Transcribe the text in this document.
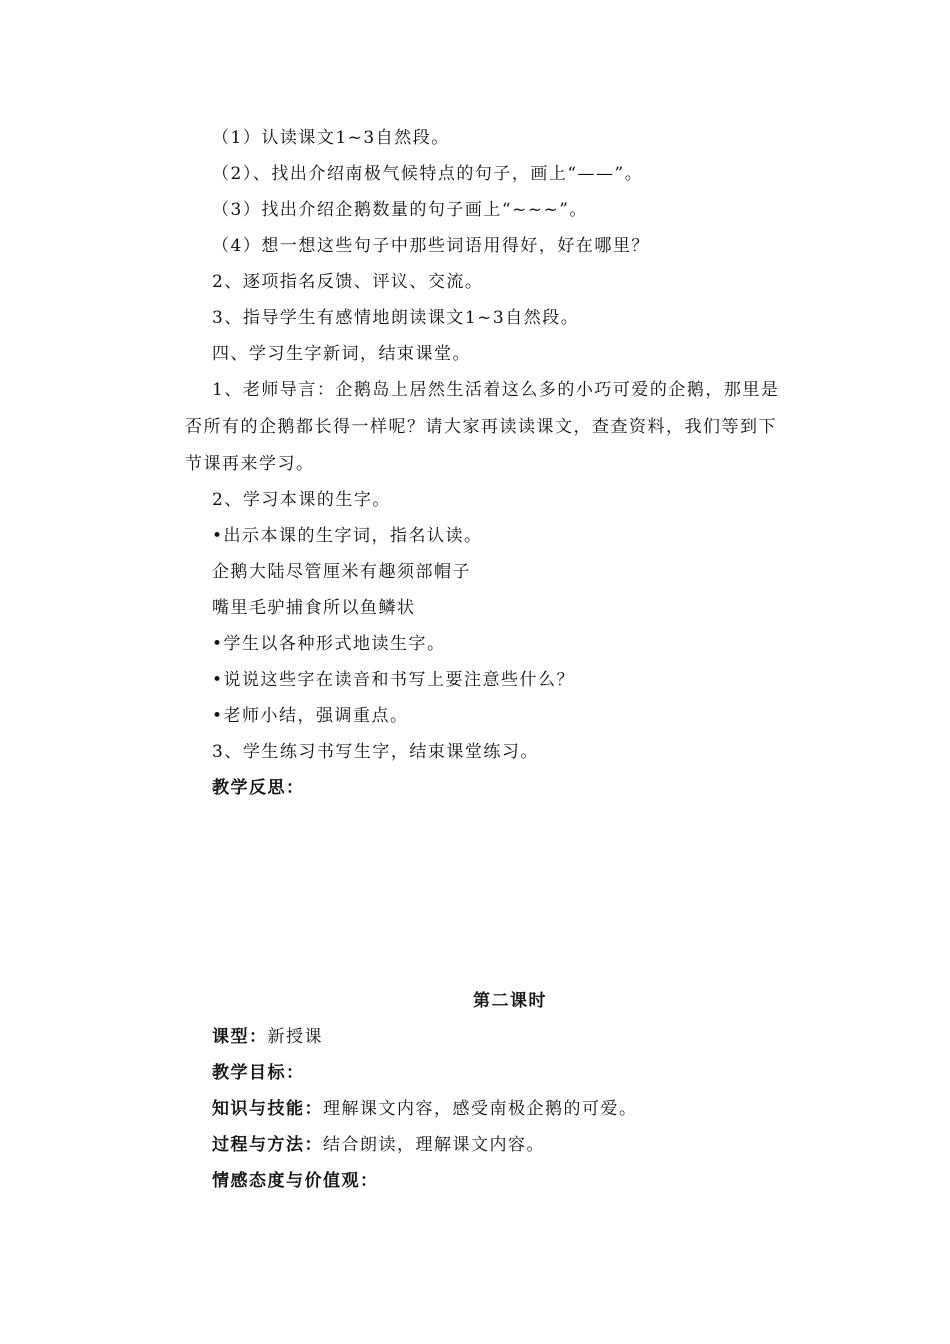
（1）认读课文1~3自然段。
（2）、找出介绍南极气候特点的句子，画上“——”。
（3）找出介绍企鹅数量的句子画上“~~~”。
（4）想一想这些句子中那些词语用得好，好在哪里？
2、逐项指名反馈、评议、交流。
3、指导学生有感情地朗读课文1~3自然段。
四、学习生字新词，结束课堂。
1、老师导言：企鹅岛上居然生活着这么多的小巧可爱的企鹅，那里是
否所有的企鹅都长得一样呢？请大家再读读课文，查查资料，我们等到下
节课再来学习。
2、学习本课的生字。
•出示本课的生字词，指名认读。
企鹅大陆尽管厘米有趣须部帽子
嘴里毛驴捕食所以鱼鳞状
•学生以各种形式地读生字。
•说说这些字在读音和书写上要注意些什么？
•老师小结，强调重点。
3、学生练习书写生字，结束课堂练习。
教学反思：
第二课时
课型：新授课
教学目标：
知识与技能：理解课文内容，感受南极企鹅的可爱。
过程与方法：结合朗读，理解课文内容。
情感态度与价值观：
